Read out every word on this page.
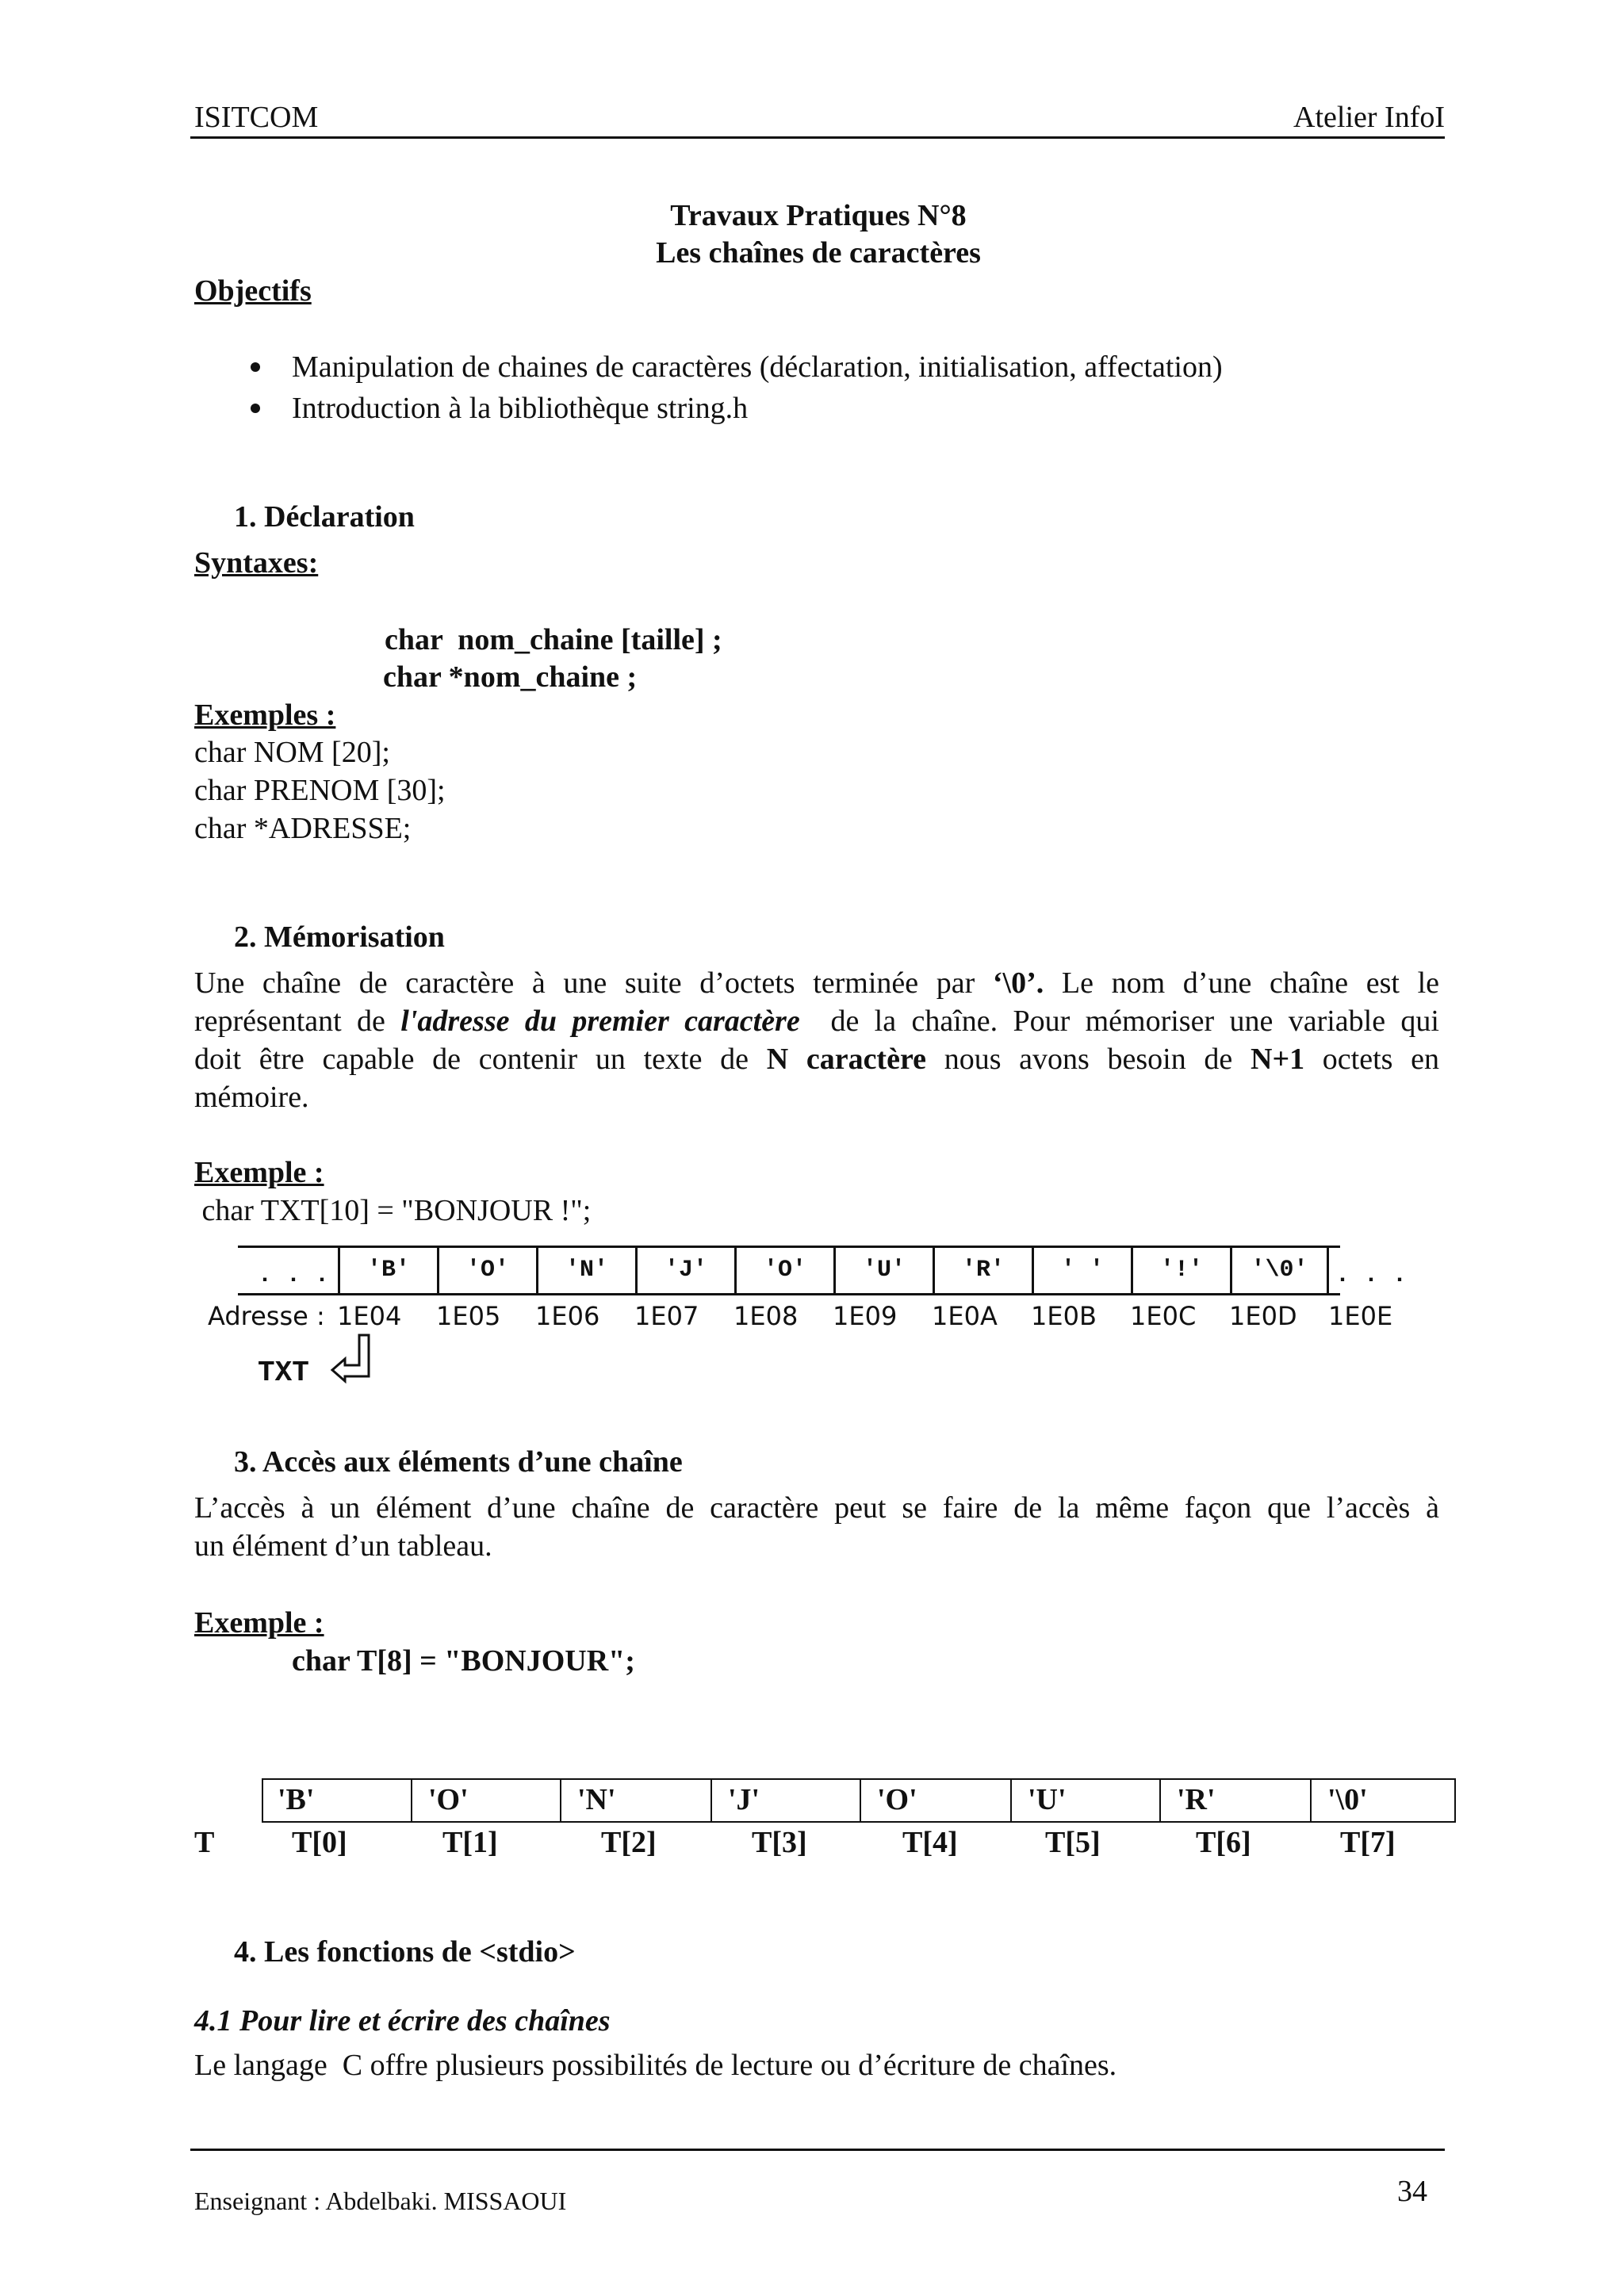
ISITCOM	Atelier InfoI
Travaux Pratiques N°8
Les chaînes de caractères
Objectifs
Manipulation de chaines de caractères (déclaration, initialisation, affectation)
Introduction à la bibliothèque string.h
1. Déclaration
Syntaxes:
char  nom_chaine [taille] ;
char *nom_chaine ;
Exemples :
char NOM [20];
char PRENOM [30];
char *ADRESSE;
2. Mémorisation
Une chaîne de caractère à une suite d’octets terminée par ‘\0’. Le nom d’une chaîne est le
représentant de l'adresse du premier caractère  de la chaîne. Pour mémoriser une variable qui
doit être capable de contenir un texte de N caractère nous avons besoin de N+1 octets en
mémoire.
Exemple :
char TXT[10] = "BONJOUR !";
. . .	'B'	'O'	'N'	'J'	'O'	'U'	'R'	' '	'!'	'\0'	. . .
Adresse : 1E04 1E05 1E06 1E07 1E08 1E09 1E0A 1E0B 1E0C 1E0D 1E0E
TXT
3. Accès aux éléments d’une chaîne
L’accès à un élément d’une chaîne de caractère peut se faire de la même façon que l’accès à
un élément d’un tableau.
Exemple :
char T[8] = "BONJOUR";
'B'	'O'	'N'	'J'	'O'	'U'	'R'	'\0'
T	T[0]	T[1]	T[2]	T[3]	T[4]	T[5]	T[6]	T[7]
4. Les fonctions de <stdio>
4.1 Pour lire et écrire des chaînes
Le langage  C offre plusieurs possibilités de lecture ou d’écriture de chaînes.
Enseignant : Abdelbaki. MISSAOUI	34
